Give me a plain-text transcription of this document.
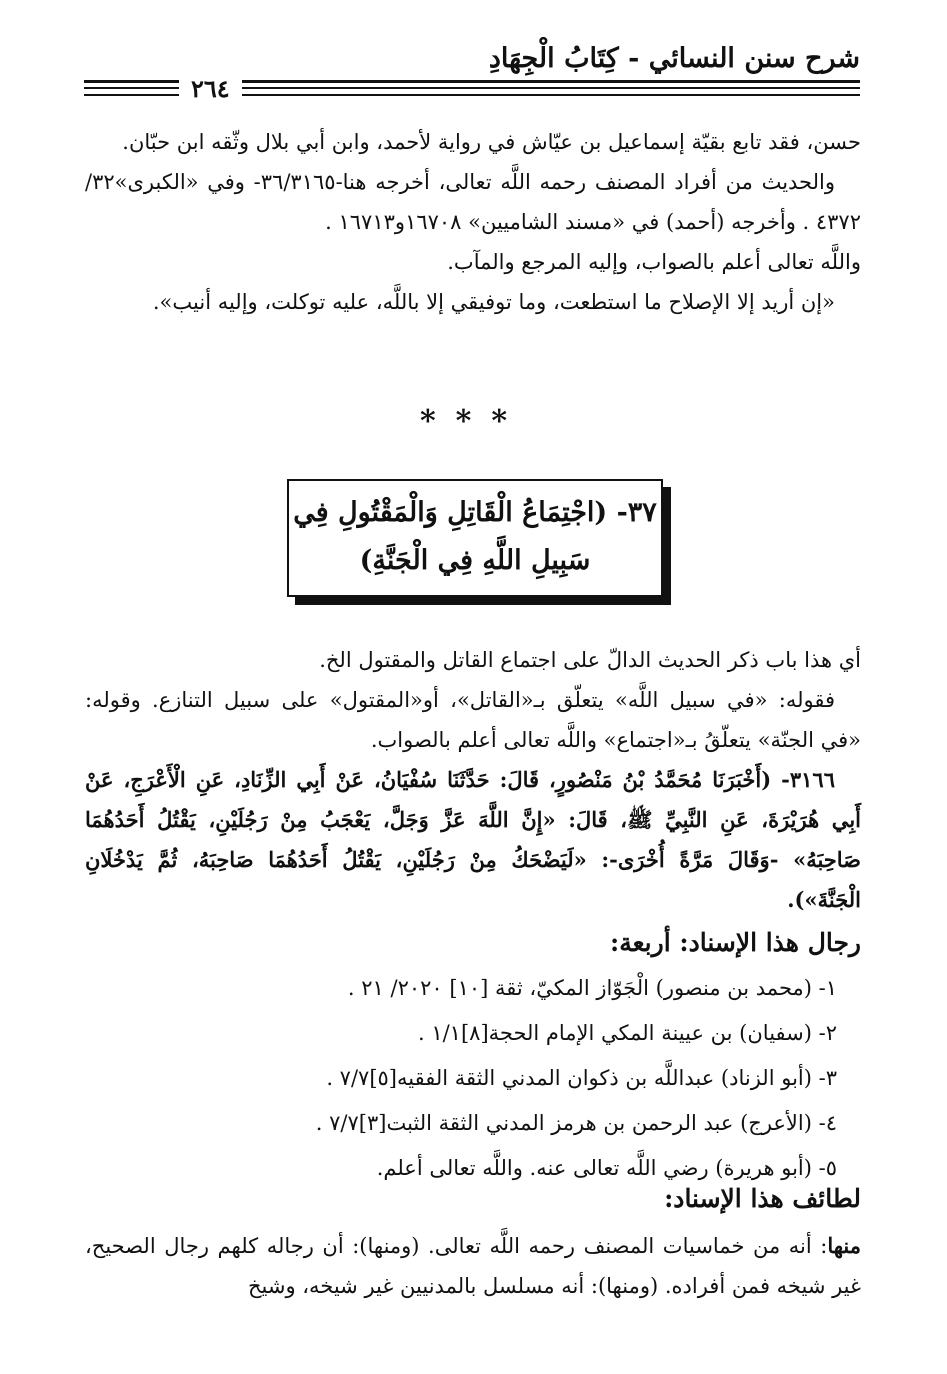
شرح سنن النسائي - كِتَابُ الْجِهَادِ
٢٦٤

حسن، فقد تابع بقيّة إسماعيل بن عيّاش في رواية لأحمد، وابن أبي بلال وثّقه ابن حبّان.

والحديث من أفراد المصنف رحمه اللَّه تعالى، أخرجه هنا-٣٦/٣١٦٥- وفي «الكبرى»٣٢/ ٤٣٧٢ . وأخرجه (أحمد) في «مسند الشاميين» ١٦٧٠٨و١٦٧١٣ .

واللَّه تعالى أعلم بالصواب، وإليه المرجع والمآب.

«إن أريد إلا الإصلاح ما استطعت، وما توفيقي إلا باللَّه، عليه توكلت، وإليه أنيب».

***
٣٧- (اجْتِمَاعُ الْقَاتِلِ وَالْمَقْتُولِ فِي
سَبِيلِ اللَّهِ فِي الْجَنَّةِ)

أي هذا باب ذكر الحديث الدالّ على اجتماع القاتل والمقتول الخ.

فقوله: «في سبيل اللَّه» يتعلّق بـ«القاتل»، أو«المقتول» على سبيل التنازع. وقوله: «في الجنّة» يتعلّقُ بـ«اجتماع» واللَّه تعالى أعلم بالصواب.

٣١٦٦- (أَخْبَرَنَا مُحَمَّدُ بْنُ مَنْصُورٍ، قَالَ: حَدَّثَنَا سُفْيَانُ، عَنْ أَبِي الزِّنَادِ، عَنِ الْأَعْرَجِ، عَنْ أَبِي هُرَيْرَةَ، عَنِ النَّبِيِّ ﷺ، قَالَ: «إِنَّ اللَّهَ عَزَّ وَجَلَّ، يَعْجَبُ مِنْ رَجُلَيْنِ، يَقْتُلُ أَحَدُهُمَا صَاحِبَهُ» -وَقَالَ مَرَّةً أُخْرَى-: «لَيَضْحَكُ مِنْ رَجُلَيْنِ، يَقْتُلُ أَحَدُهُمَا صَاحِبَهُ، ثُمَّ يَدْخُلَانِ الْجَنَّةَ»).

رجال هذا الإسناد: أربعة:
١- (محمد بن منصور) الْجَوّاز المكيّ، ثقة [١٠] ٢٠٢٠/ ٢١ .
٢- (سفيان) بن عيينة المكي الإمام الحجة[٨]١/١ .
٣- (أبو الزناد) عبداللَّه بن ذكوان المدني الثقة الفقيه[٥]٧/٧ .
٤- (الأعرج) عبد الرحمن بن هرمز المدني الثقة الثبت[٣]٧/٧ .
٥- (أبو هريرة) رضي اللَّه تعالى عنه. واللَّه تعالى أعلم.
لطائف هذا الإسناد:

منها: أنه من خماسيات المصنف رحمه اللَّه تعالى. (ومنها): أن رجاله كلهم رجال الصحيح، غير شيخه فمن أفراده. (ومنها): أنه مسلسل بالمدنيين غير شيخه، وشيخ
